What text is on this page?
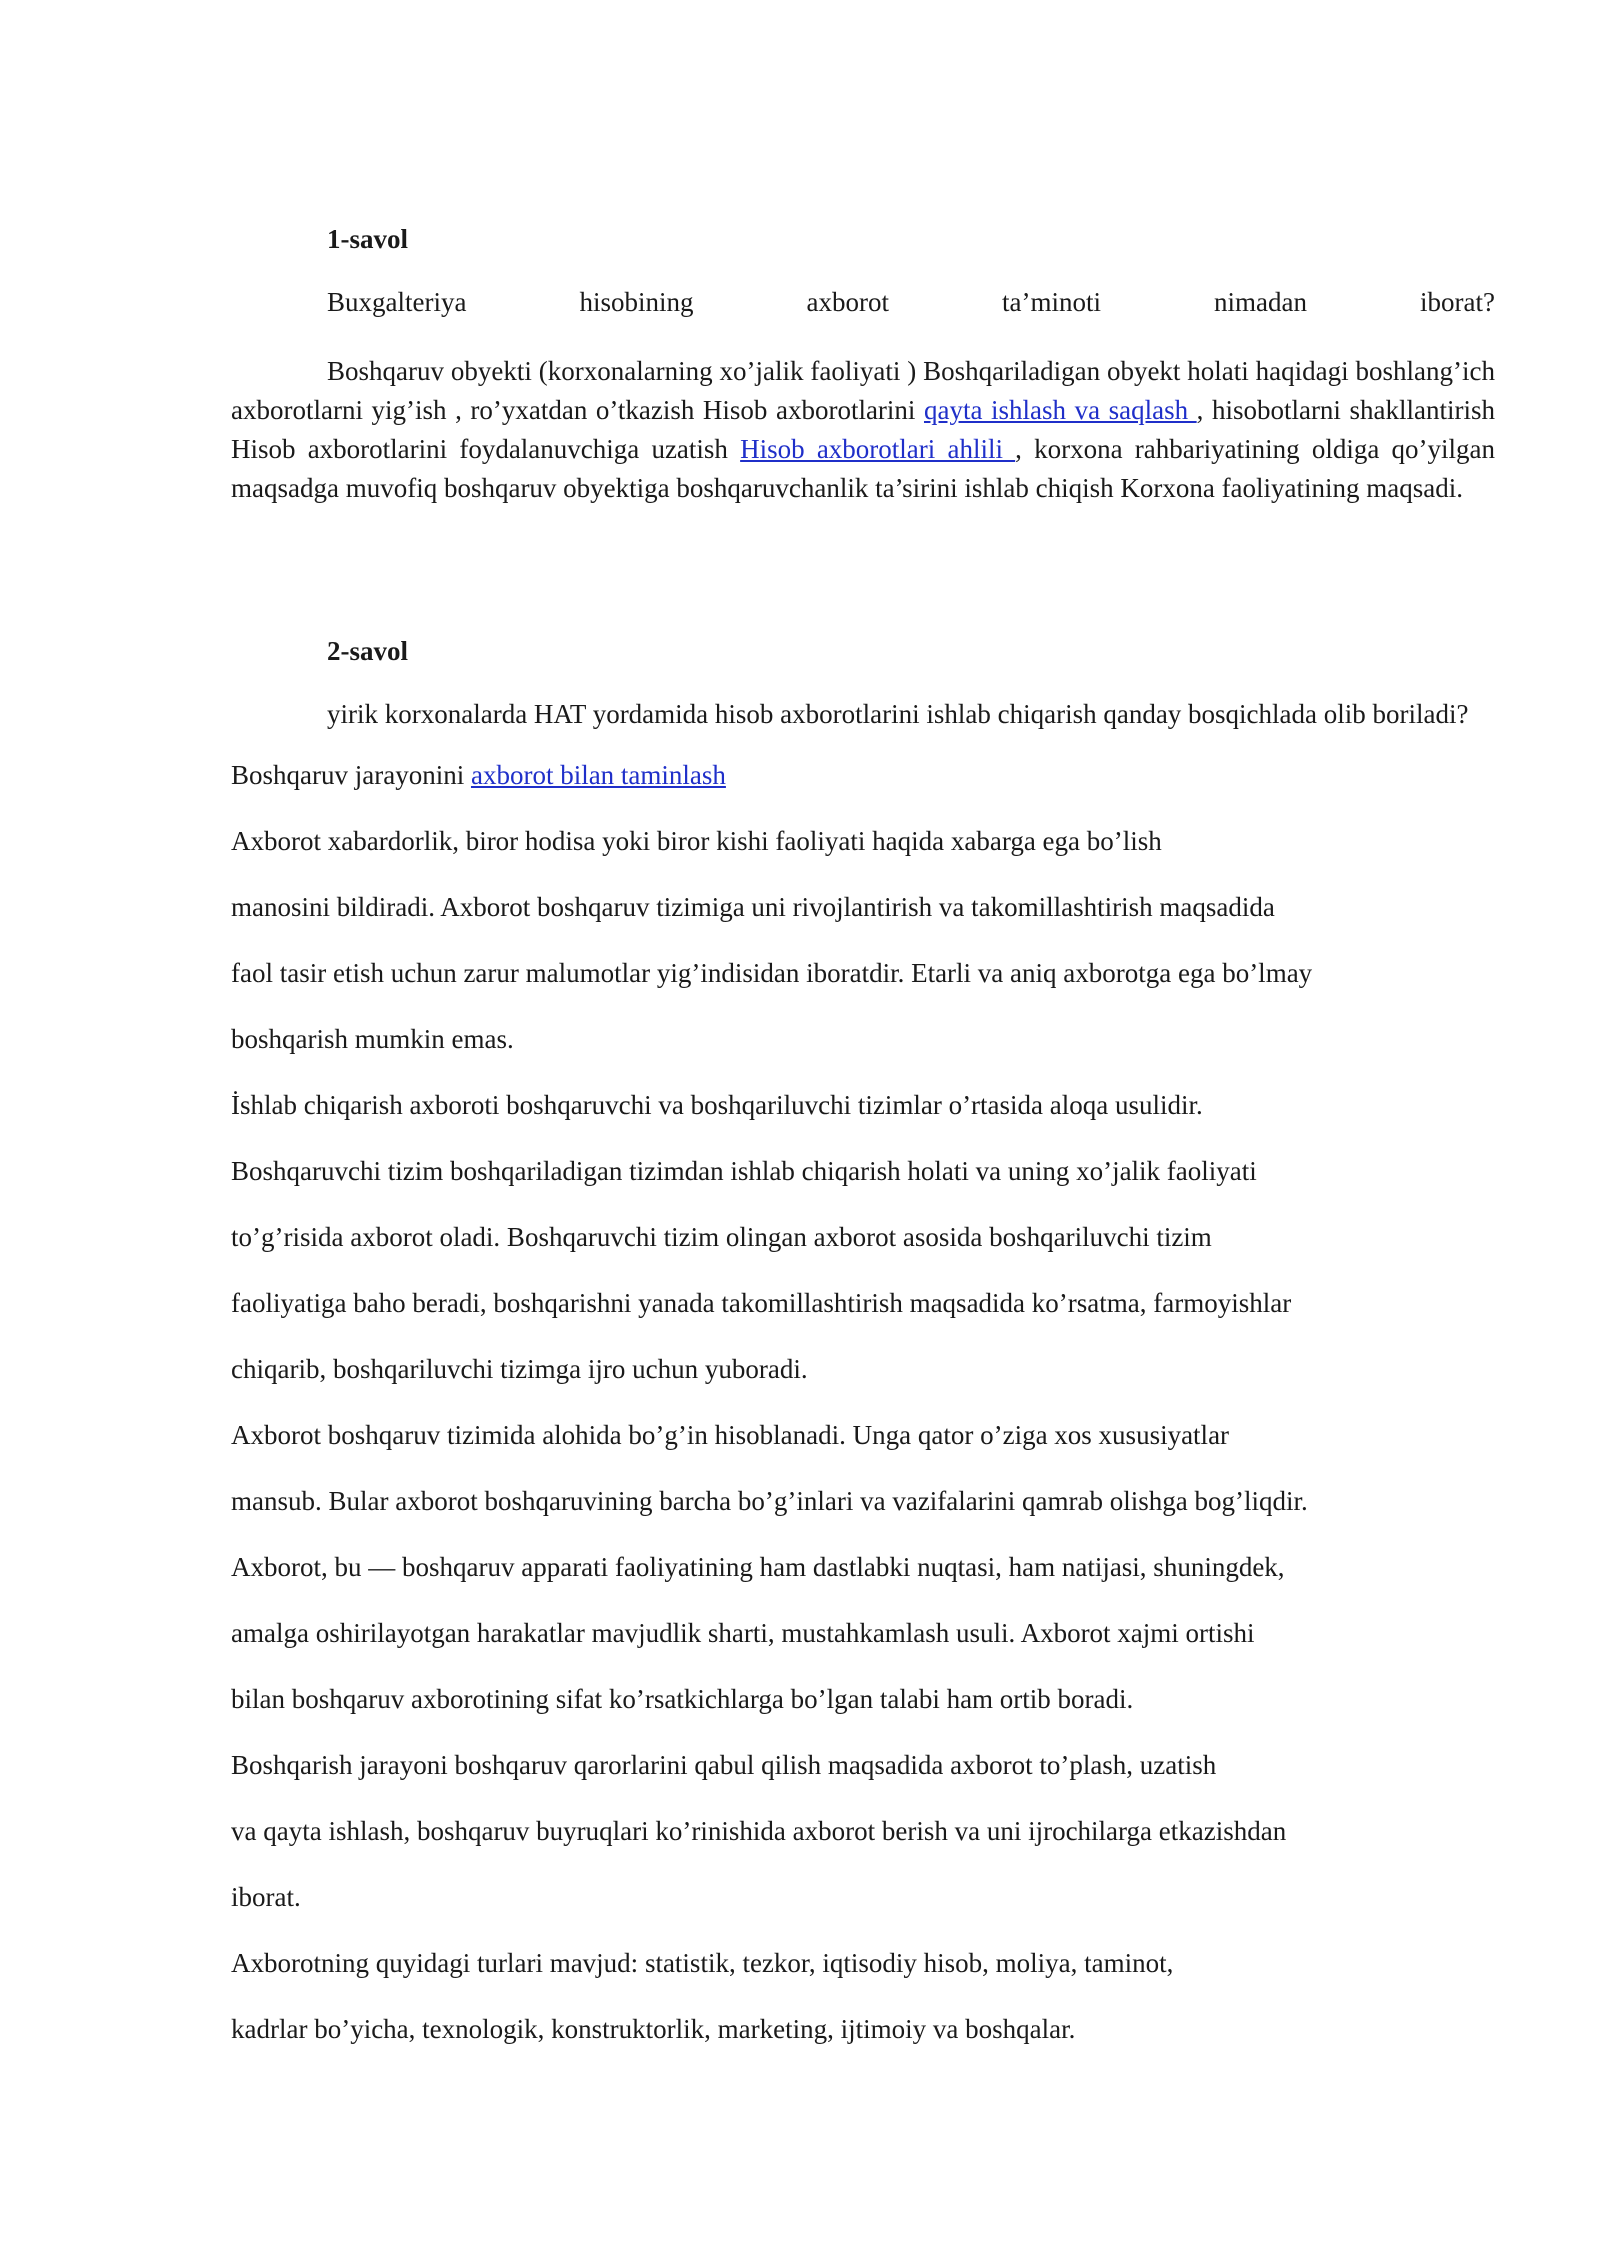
1-savol
Buxgalteriya	hisobining	axborot	ta’minoti	nimadan	iborat?

Boshqaruv obyekti (korxonalarning xo’jalik faoliyati ) Boshqariladigan obyekt holati haqidagi boshlang’ich axborotlarni yig’ish , ro’yxatdan o’tkazish Hisob axborotlarini qayta ishlash va saqlash , hisobotlarni shakllantirish Hisob axborotlarini foydalanuvchiga uzatish Hisob axborotlari ahlili , korxona rahbariyatining oldiga qo’yilgan maqsadga muvofiq boshqaruv obyektiga boshqaruvchanlik ta’sirini ishlab chiqish Korxona faoliyatining maqsadi.

2-savol

yirik korxonalarda HAT yordamida hisob axborotlarini ishlab chiqarish qanday bosqichlada olib boriladi?

Boshqaruv jarayonini axborot bilan taminlash

Axborot xabardorlik, biror hodisa yoki biror kishi faoliyati haqida xabarga ega bo’lish
manosini bildiradi. Axborot boshqaruv tizimiga uni rivojlantirish va takomillashtirish maqsadida
faol tasir etish uchun zarur malumotlar yig’indisidan iboratdir. Etarli va aniq axborotga ega bo’lmay
boshqarish mumkin emas.
İshlab chiqarish axboroti boshqaruvchi va boshqariluvchi tizimlar o’rtasida aloqa usulidir.
Boshqaruvchi tizim boshqariladigan tizimdan ishlab chiqarish holati va uning xo’jalik faoliyati
to’g’risida axborot oladi. Boshqaruvchi tizim olingan axborot asosida boshqariluvchi tizim
faoliyatiga baho beradi, boshqarishni yanada takomillashtirish maqsadida ko’rsatma, farmoyishlar
chiqarib, boshqariluvchi tizimga ijro uchun yuboradi.
Axborot boshqaruv tizimida alohida bo’g’in hisoblanadi. Unga qator o’ziga xos xususiyatlar
mansub. Bular axborot boshqaruvining barcha bo’g’inlari va vazifalarini qamrab olishga bog’liqdir.
Axborot, bu — boshqaruv apparati faoliyatining ham dastlabki nuqtasi, ham natijasi, shuningdek,
amalga oshirilayotgan harakatlar mavjudlik sharti, mustahkamlash usuli. Axborot xajmi ortishi
bilan boshqaruv axborotining sifat ko’rsatkichlarga bo’lgan talabi ham ortib boradi.
Boshqarish jarayoni boshqaruv qarorlarini qabul qilish maqsadida axborot to’plash, uzatish
va qayta ishlash, boshqaruv buyruqlari ko’rinishida axborot berish va uni ijrochilarga etkazishdan
iborat.
Axborotning quyidagi turlari mavjud: statistik, tezkor, iqtisodiy hisob, moliya, taminot,
kadrlar bo’yicha, texnologik, konstruktorlik, marketing, ijtimoiy va boshqalar.
